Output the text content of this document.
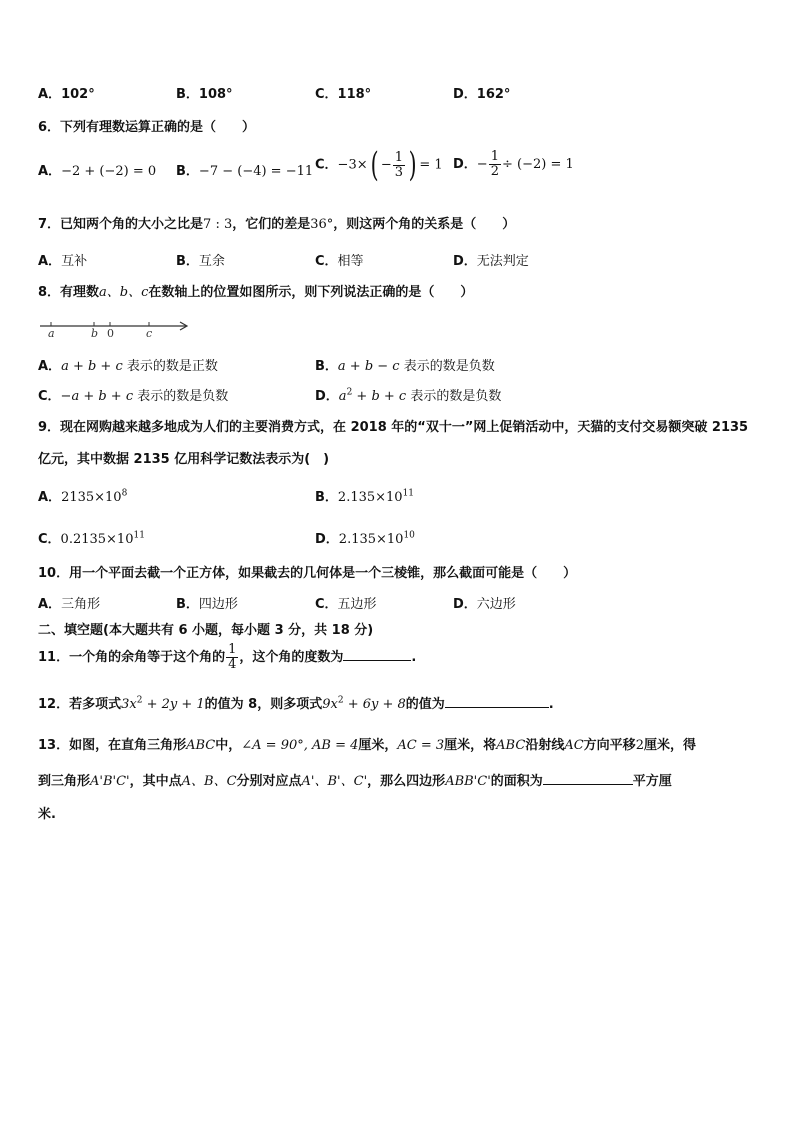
A．102°	B．108°	C．118°	D．162°
6．下列有理数运算正确的是（　　）
A．−2 + (−2) = 0 B．−7 − (−4) = −11 C．$-3\times( - \frac{1}{3}$ ) = 1 D．− $\frac{1}{2} \div (-2) = 1$
7．已知两个角的大小之比是7 : 3，它们的差是36°，则这两个角的关系是（　　）
A．互补	B．互余	C．相等	D．无法判定
8．有理数a、b、c在数轴上的位置如图所示，则下列说法正确的是（　　）
a	b 0	c
A．a + b + c 表示的数是正数	B．a + b − c 表示的数是负数
C．−a + b + c 表示的数是负数	D．$a^2 + b + c$ 表示的数是负数
9．现在网购越来越多地成为人们的主要消费方式，在 2018 年的“双十一”网上促销活动中，天猫的支付交易额突破 2135
亿元，其中数据 2135 亿用科学记数法表示为(　)
A．$2135\times 10^8$	B．$2.135\times 10^{11}$
C．$0.2135\times 10^{11}$	D．$2.135\times 10^{10}$
10．用一个平面去截一个正方体，如果截去的几何体是一个三棱锥，那么截面可能是（　　）
A．三角形	B．四边形	C．五边形	D．六边形
二、填空题(本大题共有 6 小题，每小题 3 分，共 18 分)
11．一个角的余角等于这个角的 $\frac{1}{4}$ ，这个角的度数为	.
12．若多项式$3x^2 + 2y + 1$的值为 8，则多项式$9x^2 + 6y + 8$的值为	.
13．如图，在直角三角形ABC中，∠A = 90°, AB = 4厘米，AC = 3厘米，将ABC沿射线AC方向平移2厘米，得
到三角形A'B'C'，其中点A、B、C分别对应点A'、B'、C'，那么四边形ABB'C'的面积为	平方厘
米.
